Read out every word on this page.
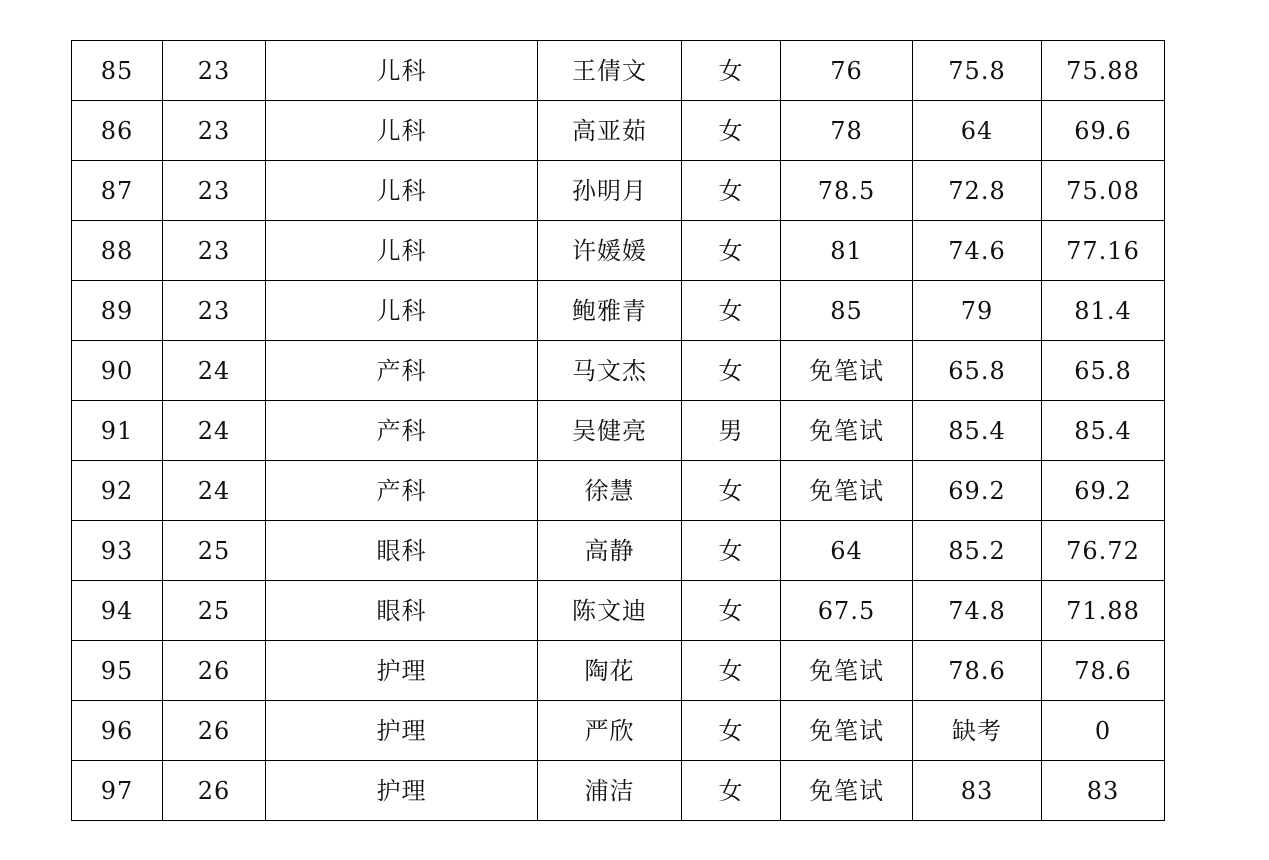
85	23	儿科	王倩文	女	76	75.8	75.88
86	23	儿科	高亚茹	女	78	64	69.6
87	23	儿科	孙明月	女	78.5	72.8	75.08
88	23	儿科	许媛媛	女	81	74.6	77.16
89	23	儿科	鲍雅青	女	85	79	81.4
90	24	产科	马文杰	女	免笔试	65.8	65.8
91	24	产科	吴健亮	男	免笔试	85.4	85.4
92	24	产科	徐慧	女	免笔试	69.2	69.2
93	25	眼科	高静	女	64	85.2	76.72
94	25	眼科	陈文迪	女	67.5	74.8	71.88
95	26	护理	陶花	女	免笔试	78.6	78.6
96	26	护理	严欣	女	免笔试	缺考	0
97	26	护理	浦洁	女	免笔试	83	83
